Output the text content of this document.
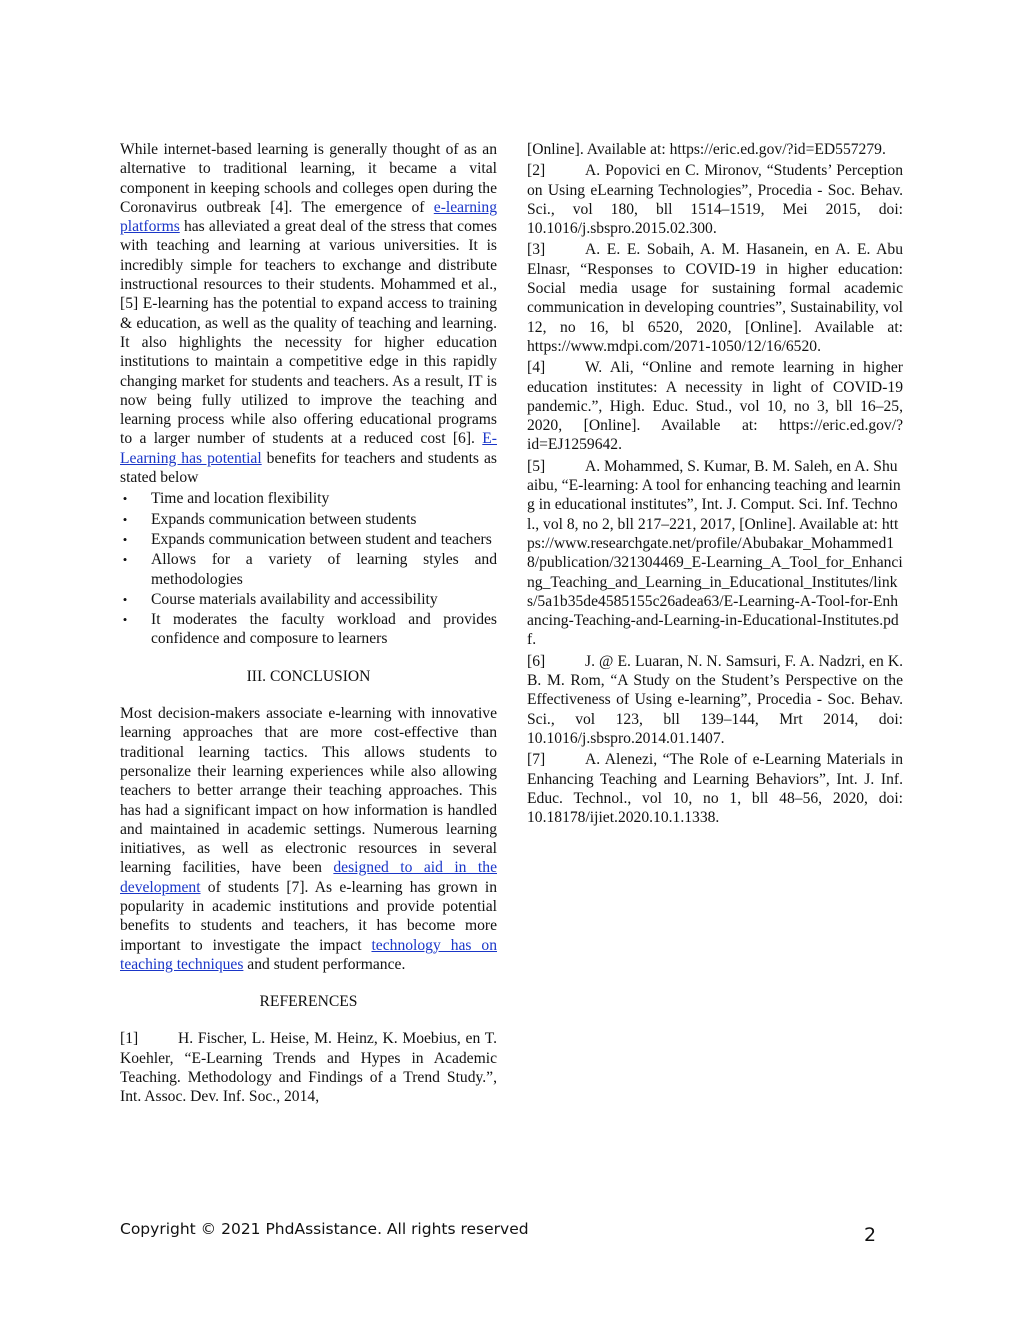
While internet-based learning is generally thought of as an alternative to traditional learning, it became a vital component in keeping schools and colleges open during the Coronavirus outbreak [4]. The emergence of e-learning platforms has alleviated a great deal of the stress that comes with teaching and learning at various universities. It is incredibly simple for teachers to exchange and distribute instructional resources to their students. Mohammed et al., [5] E-learning has the potential to expand access to training & education, as well as the quality of teaching and learning. It also highlights the necessity for higher education institutions to maintain a competitive edge in this rapidly changing market for students and teachers. As a result, IT is now being fully utilized to improve the teaching and learning process while also offering educational programs to a larger number of students at a reduced cost [6]. E- Learning has potential benefits for teachers and students as stated below

• Time and location flexibility
• Expands communication between students
• Expands communication between student and teachers
• Allows for a variety of learning styles and methodologies
• Course materials availability and accessibility
• It moderates the faculty workload and provides confidence and composure to learners
III. CONCLUSION

Most decision-makers associate e-learning with innovative learning approaches that are more cost-effective than traditional learning tactics. This allows students to personalize their learning experiences while also allowing teachers to better arrange their teaching approaches. This has had a significant impact on how information is handled and maintained in academic settings. Numerous learning initiatives, as well as electronic resources in several learning facilities, have been designed to aid in the development of students [7]. As e-learning has grown in popularity in academic institutions and provide potential benefits to students and teachers, it has become more important to investigate the impact technology has on teaching techniques and student performance.

REFERENCES

[1]	H. Fischer, L. Heise, M. Heinz, K. Moebius, en T. Koehler, “E-Learning Trends and Hypes in Academic Teaching. Methodology and Findings of a Trend Study.”, Int. Assoc. Dev. Inf. Soc., 2014,

[Online]. Available at: https://eric.ed.gov/?id=ED557279.

[2]	A. Popovici en C. Mironov, “Students’ Perception on Using eLearning Technologies”, Procedia - Soc. Behav. Sci., vol 180, bll 1514–1519, Mei 2015, doi: 10.1016/j.sbspro.2015.02.300.

[3]	A. E. E. Sobaih, A. M. Hasanein, en A. E. Abu Elnasr, “Responses to COVID-19 in higher education: Social media usage for sustaining formal academic communication in developing countries”, Sustainability, vol 12, no 16, bl 6520, 2020, [Online]. Available at: https://www.mdpi.com/2071-1050/12/16/6520.

[4]	W. Ali, “Online and remote learning in higher education institutes: A necessity in light of COVID-19 pandemic.”, High. Educ. Stud., vol 10, no 3, bll 16–25, 2020, [Online]. Available at: https://eric.ed.gov/?id=EJ1259642.

[5]	A. Mohammed, S. Kumar, B. M. Saleh, en A. Shuaibu, “E-learning: A tool for enhancing teaching and learning in educational institutes”, Int. J. Comput. Sci. Inf. Technol., vol 8, no 2, bll 217–221, 2017, [Online]. Available at: https://www.researchgate.net/profile/Abubakar_Mohammed18/publication/321304469_E-Learning_A_Tool_for_Enhancing_Teaching_and_Learning_in_Educational_Institutes/links/5a1b35de4585155c26adea63/E-Learning-A-Tool-for-Enhancing-Teaching-and-Learning-in-Educational-Institutes.pdf.

[6]	J. @ E. Luaran, N. N. Samsuri, F. A. Nadzri, en K. B. M. Rom, “A Study on the Student’s Perspective on the Effectiveness of Using e-learning”, Procedia - Soc. Behav. Sci., vol 123, bll 139–144, Mrt 2014, doi: 10.1016/j.sbspro.2014.01.1407.

[7]	A. Alenezi, “The Role of e-Learning Materials in Enhancing Teaching and Learning Behaviors”, Int. J. Inf. Educ. Technol., vol 10, no 1, bll 48–56, 2020, doi: 10.18178/ijiet.2020.10.1.1338.

Copyright © 2021 PhdAssistance. All rights reserved	2
